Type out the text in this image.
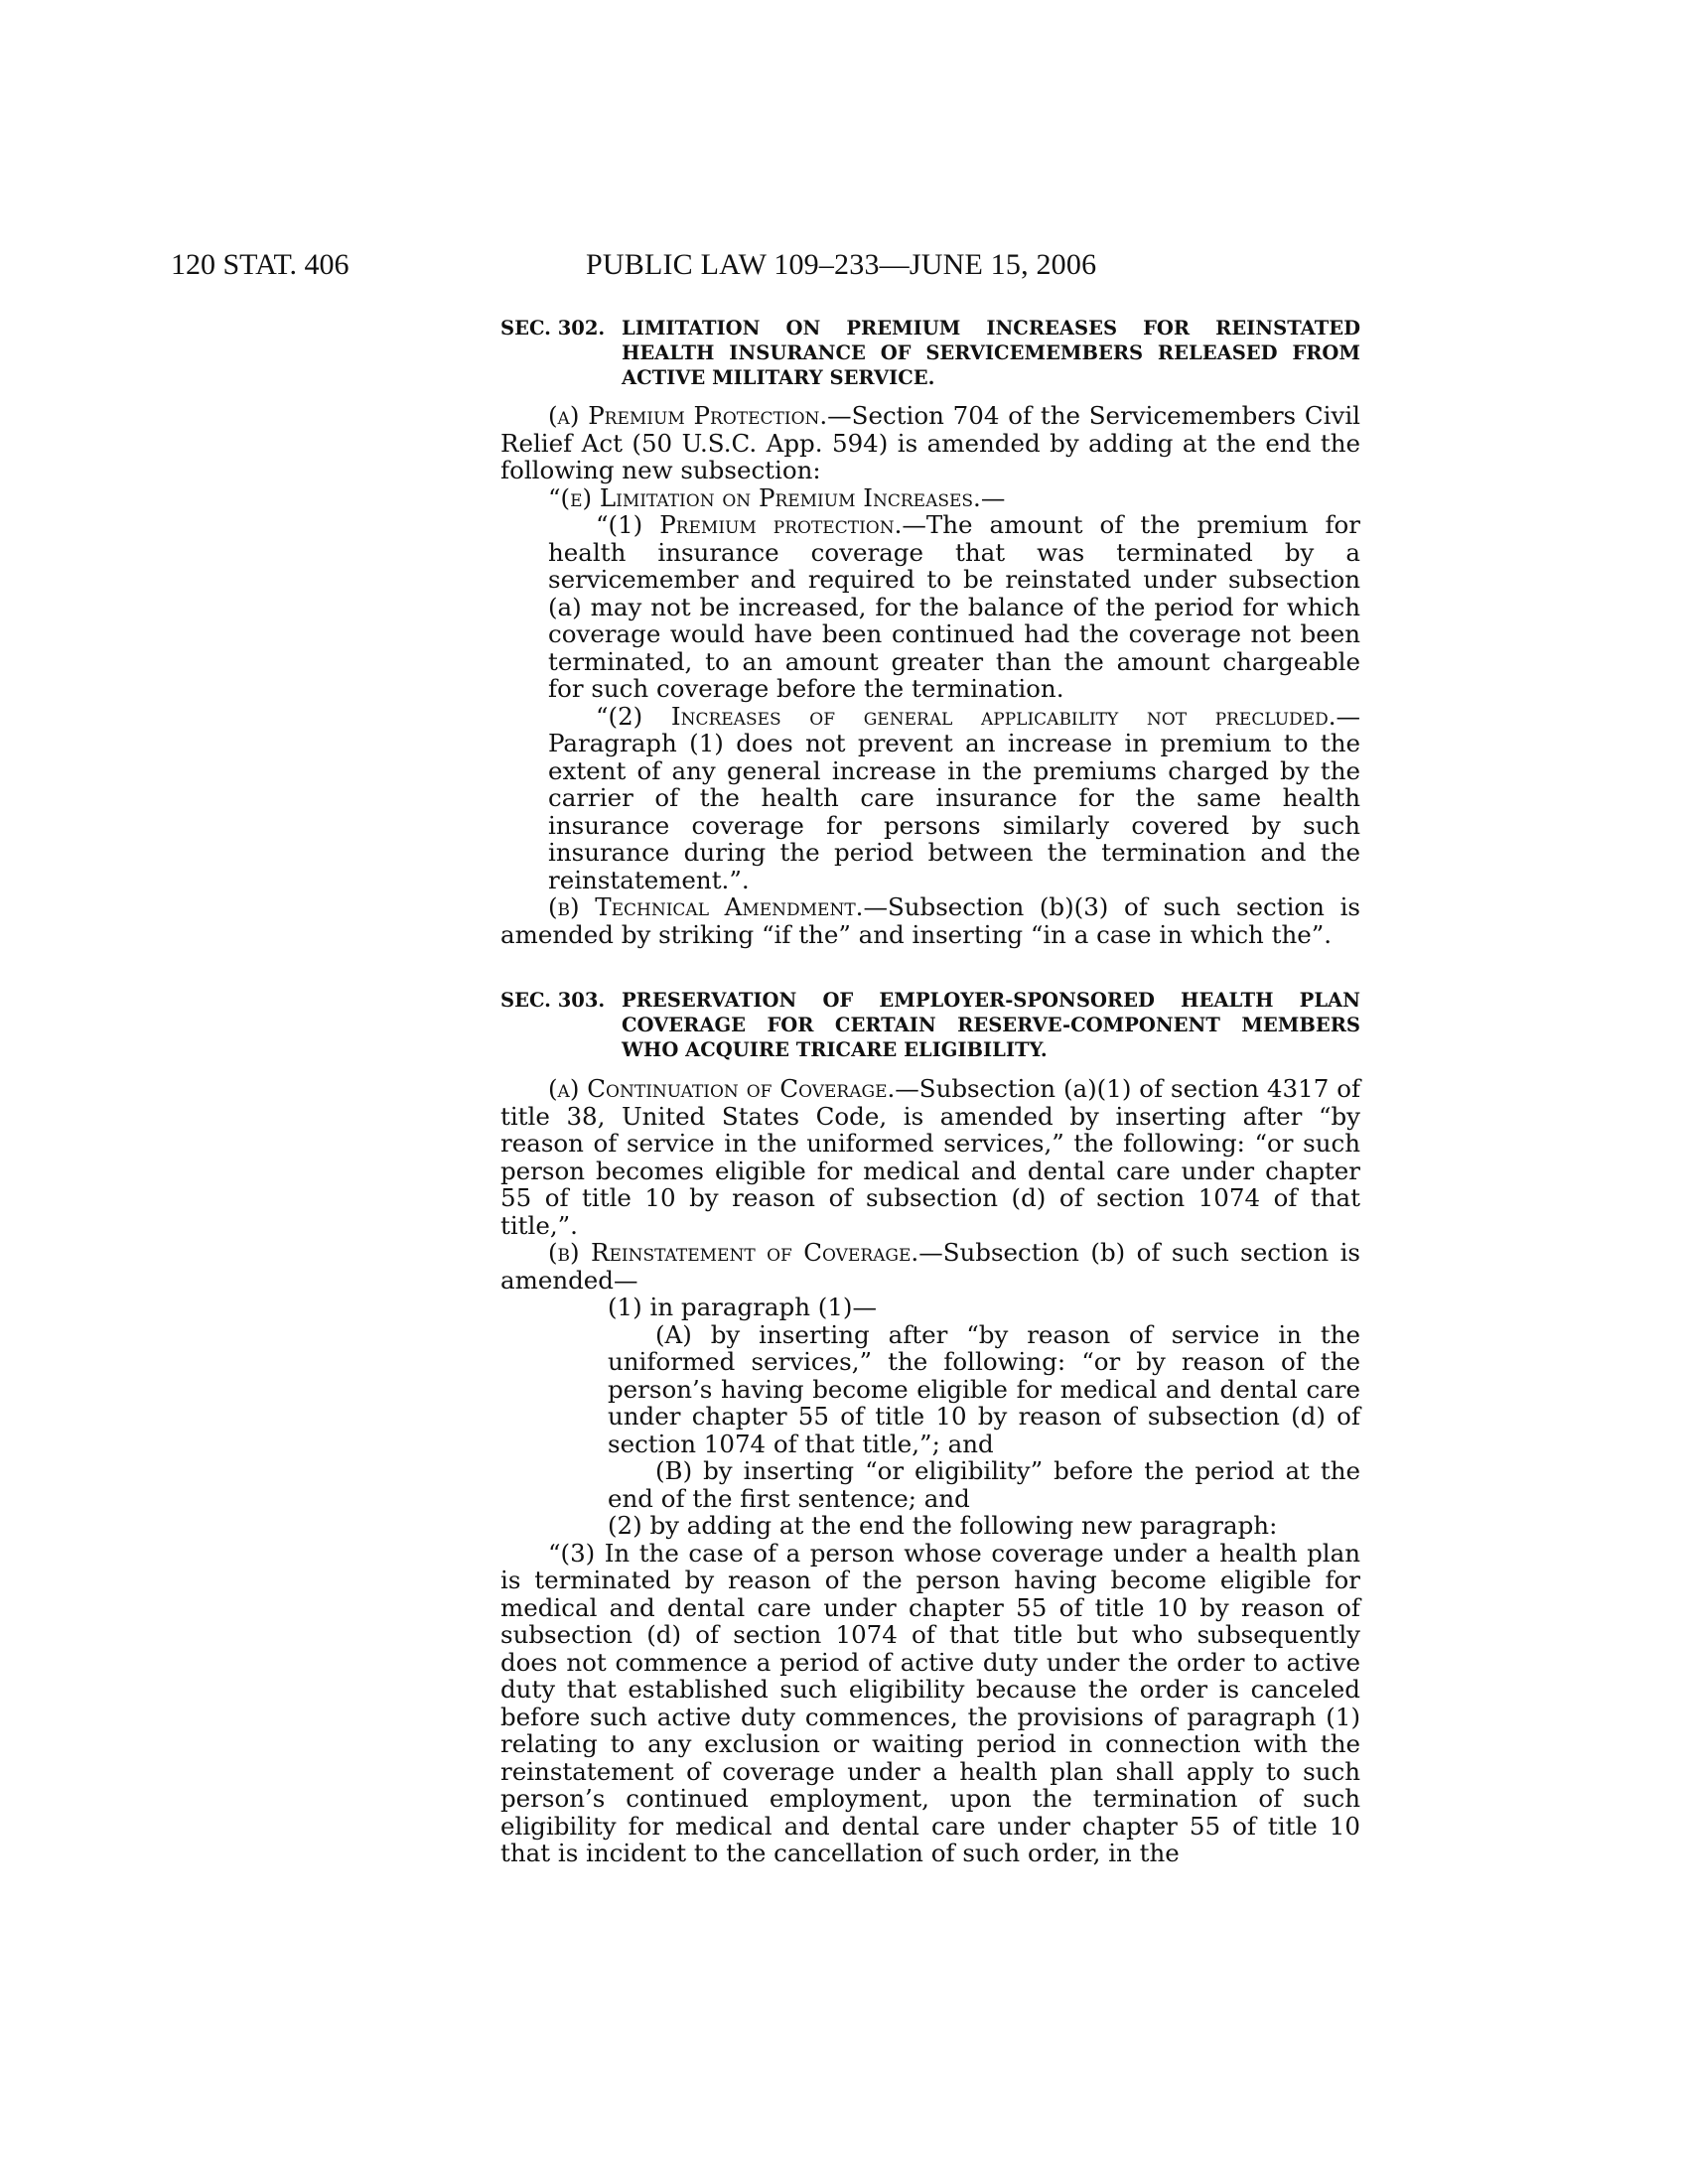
120 STAT. 406	PUBLIC LAW 109–233—JUNE 15, 2006

SEC. 302. LIMITATION ON PREMIUM INCREASES FOR REINSTATED HEALTH INSURANCE OF SERVICEMEMBERS RELEASED FROM ACTIVE MILITARY SERVICE.

(a) Premium Protection.—Section 704 of the Servicemembers Civil Relief Act (50 U.S.C. App. 594) is amended by adding at the end the following new subsection:

“(e) Limitation on Premium Increases.—

“(1) Premium protection.—The amount of the premium for health insurance coverage that was terminated by a servicemember and required to be reinstated under subsection (a) may not be increased, for the balance of the period for which coverage would have been continued had the coverage not been terminated, to an amount greater than the amount chargeable for such coverage before the termination.

“(2) Increases of general applicability not precluded.—Paragraph (1) does not prevent an increase in premium to the extent of any general increase in the premiums charged by the carrier of the health care insurance for the same health insurance coverage for persons similarly covered by such insurance during the period between the termination and the reinstatement.”.

(b) Technical Amendment.—Subsection (b)(3) of such section is amended by striking “if the” and inserting “in a case in which the”.

SEC. 303. PRESERVATION OF EMPLOYER-SPONSORED HEALTH PLAN COVERAGE FOR CERTAIN RESERVE-COMPONENT MEMBERS WHO ACQUIRE TRICARE ELIGIBILITY.

(a) Continuation of Coverage.—Subsection (a)(1) of section 4317 of title 38, United States Code, is amended by inserting after “by reason of service in the uniformed services,” the following: “or such person becomes eligible for medical and dental care under chapter 55 of title 10 by reason of subsection (d) of section 1074 of that title,”.

(b) Reinstatement of Coverage.—Subsection (b) of such section is amended—

(1) in paragraph (1)—

(A) by inserting after “by reason of service in the uniformed services,” the following: “or by reason of the person’s having become eligible for medical and dental care under chapter 55 of title 10 by reason of subsection (d) of section 1074 of that title,”; and

(B) by inserting “or eligibility” before the period at the end of the first sentence; and

(2) by adding at the end the following new paragraph:

“(3) In the case of a person whose coverage under a health plan is terminated by reason of the person having become eligible for medical and dental care under chapter 55 of title 10 by reason of subsection (d) of section 1074 of that title but who subsequently does not commence a period of active duty under the order to active duty that established such eligibility because the order is canceled before such active duty commences, the provisions of paragraph (1) relating to any exclusion or waiting period in connection with the reinstatement of coverage under a health plan shall apply to such person’s continued employment, upon the termination of such eligibility for medical and dental care under chapter 55 of title 10 that is incident to the cancellation of such order, in the
